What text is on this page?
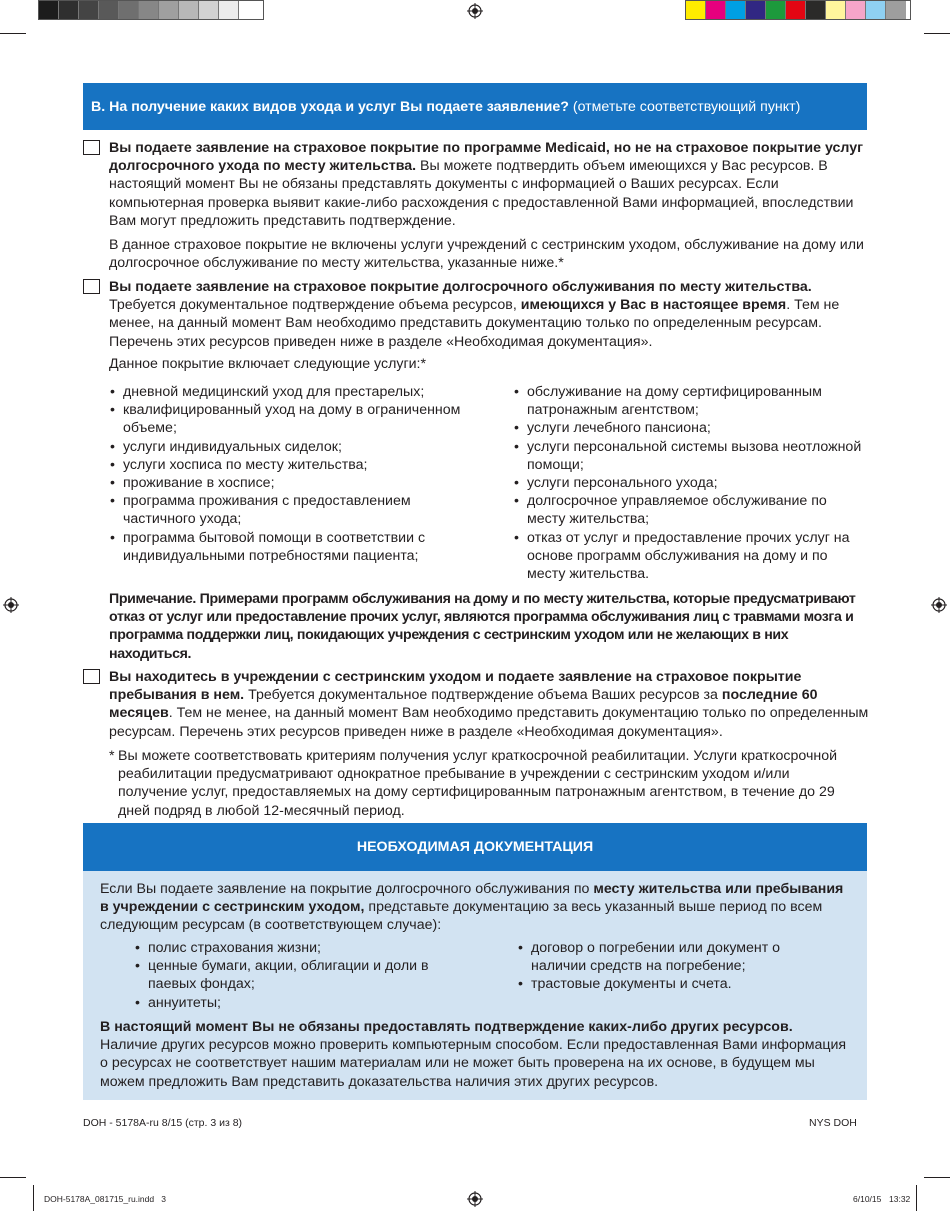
B. На получение каких видов ухода и услуг Вы подаете заявление? (отметьте соответствующий пункт)
Вы подаете заявление на страховое покрытие по программе Medicaid, но не на страховое покрытие услуг долгосрочного ухода по месту жительства. Вы можете подтвердить объем имеющихся у Вас ресурсов. В настоящий момент Вы не обязаны представлять документы с информацией о Ваших ресурсах. Если компьютерная проверка выявит какие-либо расхождения с предоставленной Вами информацией, впоследствии Вам могут предложить представить подтверждение.
В данное страховое покрытие не включены услуги учреждений с сестринским уходом, обслуживание на дому или долгосрочное обслуживание по месту жительства, указанные ниже.*
Вы подаете заявление на страховое покрытие долгосрочного обслуживания по месту жительства. Требуется документальное подтверждение объема ресурсов, имеющихся у Вас в настоящее время. Тем не менее, на данный момент Вам необходимо представить документацию только по определенным ресурсам. Перечень этих ресурсов приведен ниже в разделе «Необходимая документация».
Данное покрытие включает следующие услуги:*
• дневной медицинский уход для престарелых;
• квалифицированный уход на дому в ограниченном объеме;
• услуги индивидуальных сиделок;
• услуги хосписа по месту жительства;
• проживание в хосписе;
• программа проживания с предоставлением частичного ухода;
• программа бытовой помощи в соответствии с индивидуальными потребностями пациента;
• обслуживание на дому сертифицированным патронажным агентством;
• услуги лечебного пансиона;
• услуги персональной системы вызова неотложной помощи;
• услуги персонального ухода;
• долгосрочное управляемое обслуживание по месту жительства;
• отказ от услуг и предоставление прочих услуг на основе программ обслуживания на дому и по месту жительства.
Примечание. Примерами программ обслуживания на дому и по месту жительства, которые предусматривают отказ от услуг или предоставление прочих услуг, являются программа обслуживания лиц с травмами мозга и программа поддержки лиц, покидающих учреждения с сестринским уходом или не желающих в них находиться.
Вы находитесь в учреждении с сестринским уходом и подаете заявление на страховое покрытие пребывания в нем. Требуется документальное подтверждение объема Ваших ресурсов за последние 60 месяцев. Тем не менее, на данный момент Вам необходимо представить документацию только по определенным ресурсам. Перечень этих ресурсов приведен ниже в разделе «Необходимая документация».
* Вы можете соответствовать критериям получения услуг краткосрочной реабилитации. Услуги краткосрочной реабилитации предусматривают однократное пребывание в учреждении с сестринским уходом и/или получение услуг, предоставляемых на дому сертифицированным патронажным агентством, в течение до 29 дней подряд в любой 12-месячный период.
НЕОБХОДИМАЯ ДОКУМЕНТАЦИЯ
Если Вы подаете заявление на покрытие долгосрочного обслуживания по месту жительства или пребывания в учреждении с сестринским уходом, представьте документацию за весь указанный выше период по всем следующим ресурсам (в соответствующем случае):
• полис страхования жизни;
• ценные бумаги, акции, облигации и доли в паевых фондах;
• аннуитеты;
• договор о погребении или документ о наличии средств на погребение;
• трастовые документы и счета.
В настоящий момент Вы не обязаны предоставлять подтверждение каких-либо других ресурсов. Наличие других ресурсов можно проверить компьютерным способом. Если предоставленная Вами информация о ресурсах не соответствует нашим материалам или не может быть проверена на их основе, в будущем мы можем предложить Вам представить доказательства наличия этих других ресурсов.
DOH - 5178A-ru 8/15 (стр. 3 из 8)	NYS DOH
DOH-5178A_081715_ru.indd   3	6/10/15 13:32
